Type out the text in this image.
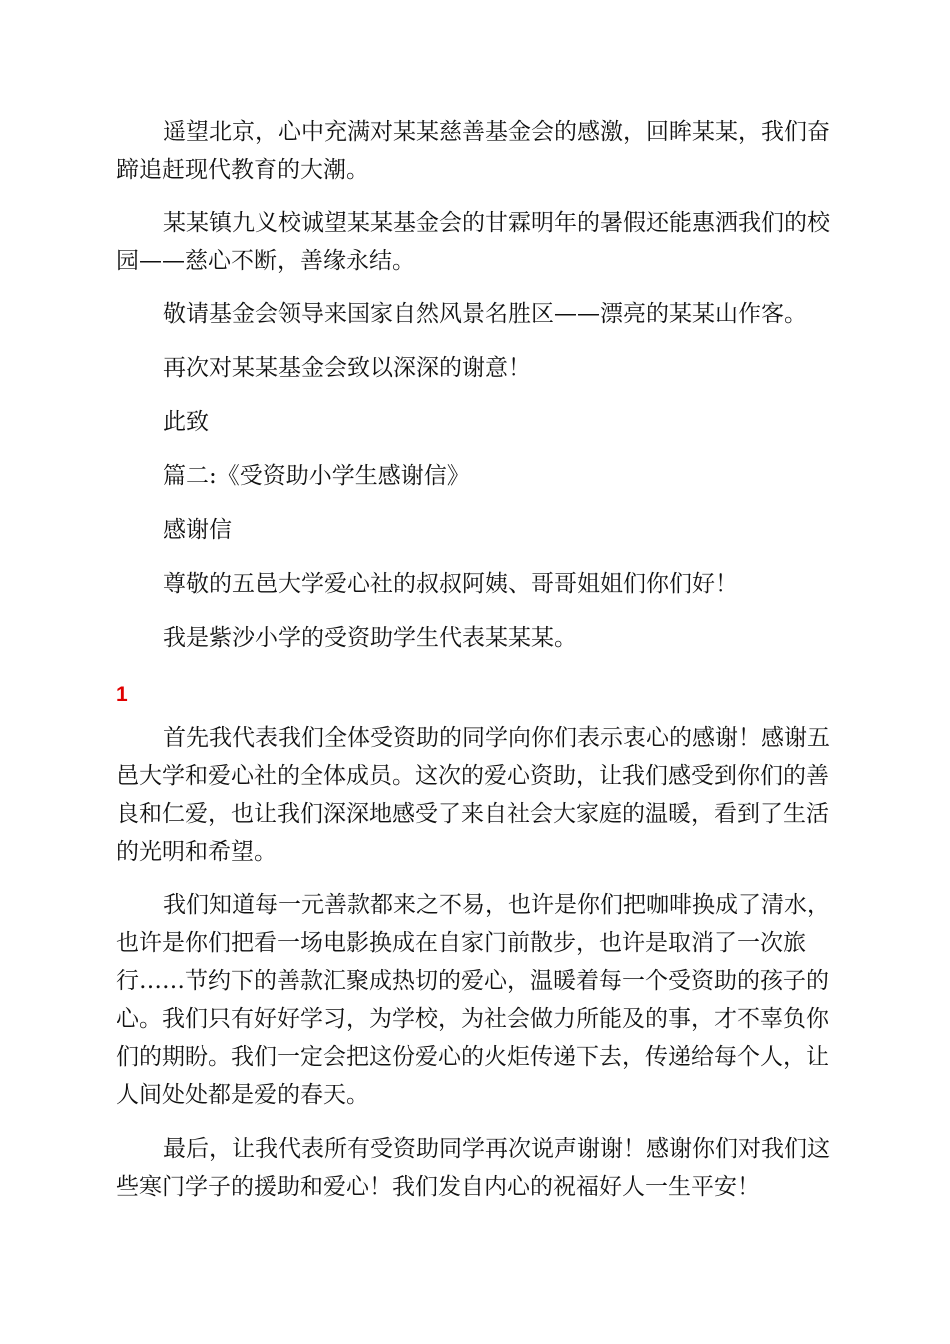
遥望北京，心中充满对某某慈善基金会的感激，回眸某某，我们奋蹄追赶现代教育的大潮。

某某镇九义校诚望某某基金会的甘霖明年的暑假还能惠洒我们的校园——慈心不断，善缘永结。

敬请基金会领导来国家自然风景名胜区——漂亮的某某山作客。

再次对某某基金会致以深深的谢意！

此致

篇二:《受资助小学生感谢信》

感谢信

尊敬的五邑大学爱心社的叔叔阿姨、哥哥姐姐们你们好！

我是紫沙小学的受资助学生代表某某某。

1

首先我代表我们全体受资助的同学向你们表示衷心的感谢！感谢五邑大学和爱心社的全体成员。这次的爱心资助，让我们感受到你们的善良和仁爱，也让我们深深地感受了来自社会大家庭的温暖，看到了生活的光明和希望。

我们知道每一元善款都来之不易，也许是你们把咖啡换成了清水，也许是你们把看一场电影换成在自家门前散步，也许是取消了一次旅行……节约下的善款汇聚成热切的爱心，温暖着每一个受资助的孩子的心。我们只有好好学习，为学校，为社会做力所能及的事，才不辜负你们的期盼。我们一定会把这份爱心的火炬传递下去，传递给每个人，让人间处处都是爱的春天。

最后，让我代表所有受资助同学再次说声谢谢！感谢你们对我们这些寒门学子的援助和爱心！我们发自内心的祝福好人一生平安！
